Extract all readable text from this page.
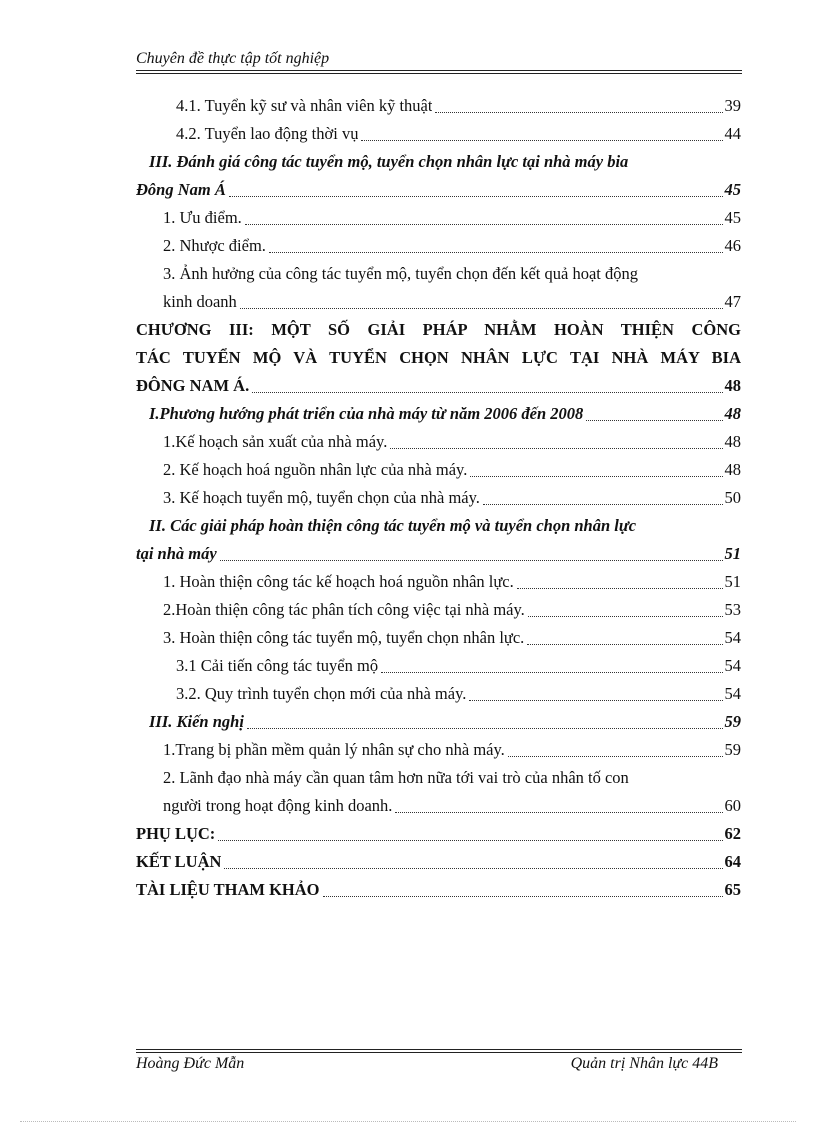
Chuyên đề thực tập tốt nghiệp
4.1. Tuyển kỹ sư và nhân viên kỹ thuật	39
4.2. Tuyển lao động thời vụ	44
III. Đánh giá công tác tuyển mộ, tuyển chọn nhân lực tại nhà máy bia
Đông Nam Á	45
1. Ưu điểm.	45
2. Nhược điểm.	46
3. Ảnh hưởng của công tác tuyển mộ, tuyển chọn đến kết quả hoạt động
kinh doanh	47
CHƯƠNG III: MỘT SỐ GIẢI PHÁP NHẰM HOÀN THIỆN CÔNG
TÁC TUYỂN MỘ VÀ TUYỂN CHỌN NHÂN LỰC TẠI NHÀ MÁY BIA
ĐÔNG NAM Á.	48
I.Phương hướng phát triển của nhà máy từ năm 2006 đến 2008	48
1.Kế hoạch sản xuất của nhà máy.	48
2. Kế hoạch hoá nguồn nhân lực của nhà máy.	48
3. Kế hoạch tuyển mộ, tuyển chọn của nhà máy.	50
II. Các giải pháp hoàn thiện công tác tuyển mộ và tuyển chọn nhân lực
tại nhà máy	51
1. Hoàn thiện công tác kế hoạch hoá nguồn nhân lực.	51
2.Hoàn thiện công tác phân tích công việc tại nhà máy.	53
3. Hoàn thiện công tác tuyển mộ, tuyển chọn nhân lực.	54
3.1 Cải tiến công tác tuyển mộ	54
3.2. Quy trình tuyển chọn mới của nhà máy.	54
III. Kiến nghị	59
1.Trang bị phần mềm quản lý nhân sự cho nhà máy.	59
2. Lãnh đạo nhà máy cần quan tâm hơn nữa tới vai trò của nhân tố con
người trong hoạt động kinh doanh.	60
PHỤ LỤC:	62
KẾT LUẬN	64
TÀI LIỆU THAM KHẢO	65
Hoàng Đức Mẫn	Quản trị Nhân lực 44B
